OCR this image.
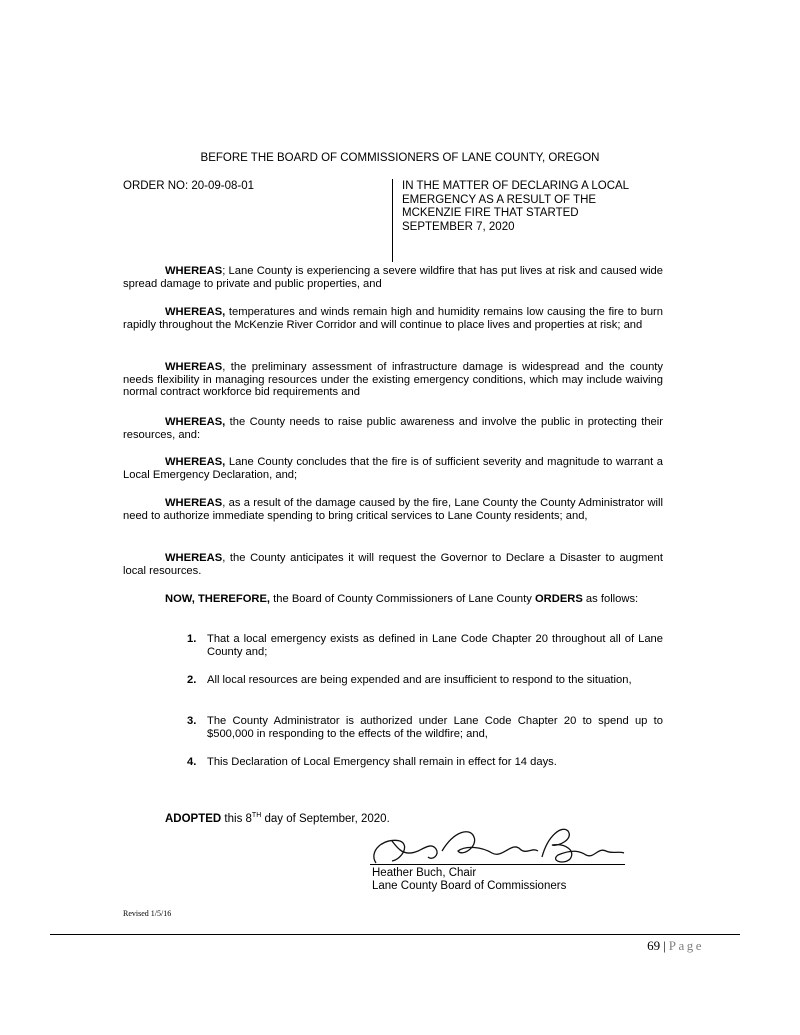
BEFORE THE BOARD OF COMMISSIONERS OF LANE COUNTY, OREGON
ORDER NO: 20-09-08-01	IN THE MATTER OF DECLARING A LOCAL
EMERGENCY AS A RESULT OF THE
MCKENZIE FIRE THAT STARTED
SEPTEMBER 7, 2020

WHEREAS; Lane County is experiencing a severe wildfire that has put lives at risk and caused wide spread damage to private and public properties, and

WHEREAS, temperatures and winds remain high and humidity remains low causing the fire to burn rapidly throughout the McKenzie River Corridor and will continue to place lives and properties at risk; and

WHEREAS, the preliminary assessment of infrastructure damage is widespread and the county needs flexibility in managing resources under the existing emergency conditions, which may include waiving normal contract workforce bid requirements and

WHEREAS, the County needs to raise public awareness and involve the public in protecting their resources, and:

WHEREAS, Lane County concludes that the fire is of sufficient severity and magnitude to warrant a Local Emergency Declaration, and;

WHEREAS, as a result of the damage caused by the fire, Lane County the County Administrator will need to authorize immediate spending to bring critical services to Lane County residents; and,

WHEREAS, the County anticipates it will request the Governor to Declare a Disaster to augment local resources.

NOW, THEREFORE, the Board of County Commissioners of Lane County ORDERS as follows:

1. That a local emergency exists as defined in Lane Code Chapter 20 throughout all of Lane County and;
2. All local resources are being expended and are insufficient to respond to the situation,
3. The County Administrator is authorized under Lane Code Chapter 20 to spend up to $500,000 in responding to the effects of the wildfire; and,
4. This Declaration of Local Emergency shall remain in effect for 14 days.
ADOPTED this 8TH day of September, 2020.
Heather Buch, Chair
Lane County Board of Commissioners
Revised 1/5/16
69 | Page
